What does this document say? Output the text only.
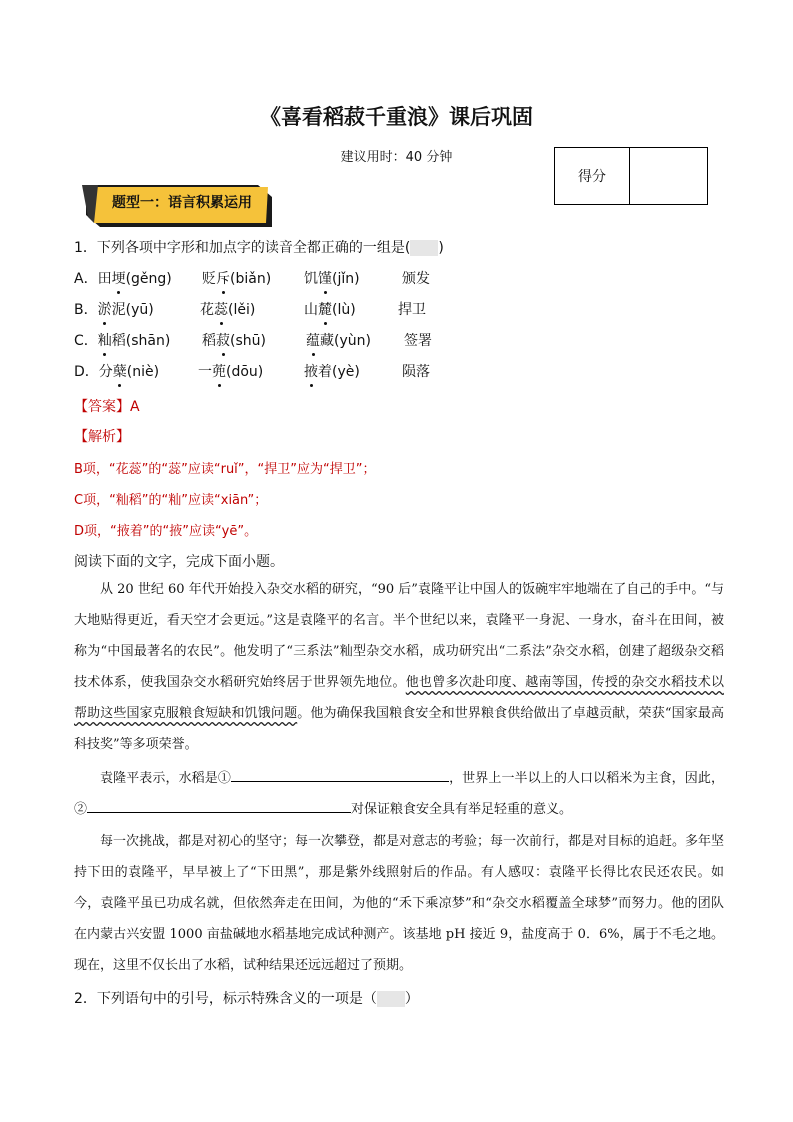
《喜看稻菽千重浪》课后巩固
建议用时：40 分钟
得分
题型一：语言积累运用
1．下列各项中字形和加点字的读音全都正确的一组是( )
A．田埂(gěng) 贬斥(biǎn) 饥馑(jǐn)	颁发
B．淤泥(yū)	花蕊(lěi)	山麓(lù)	捍卫
C．籼稻(shān) 稻菽(shū)	蕴藏(yùn) 签署
D．分蘖(niè)	一蔸(dōu)	掖着(yè)	陨落
【答案】A
【解析】
B项，“花蕊”的“蕊”应读“ruǐ”，“捍卫”应为“捍卫”；
C项，“籼稻”的“籼”应读“xiān”；
D项，“掖着”的“掖”应读“yē”。
阅读下面的文字，完成下面小题。
从 20 世纪 60 年代开始投入杂交水稻的研究，“90 后”袁隆平让中国人的饭碗牢牢地端在了自己的手中。“与大地贴得更近，看天空才会更远。”这是袁隆平的名言。半个世纪以来，袁隆平一身泥、一身水，奋斗在田间，被称为“中国最著名的农民”。他发明了“三系法”籼型杂交水稻，成功研究出“二系法”杂交水稻，创建了超级杂交稻技术体系，使我国杂交水稻研究始终居于世界领先地位。他也曾多次赴印度、越南等国，传授的杂交水稻技术以帮助这些国家克服粮食短缺和饥饿问题。他为确保我国粮食安全和世界粮食供给做出了卓越贡献，荣获“国家最高科技奖”等多项荣誉。
袁隆平表示，水稻是①	，世界上一半以上的人口以稻米为主食，因此，②	对保证粮食安全具有举足轻重的意义。
每一次挑战，都是对初心的坚守；每一次攀登，都是对意志的考验；每一次前行，都是对目标的追赶。多年坚持下田的袁隆平，早早被上了“下田黑”，那是紫外线照射后的作品。有人感叹：袁隆平长得比农民还农民。如今，袁隆平虽已功成名就，但依然奔走在田间，为他的“禾下乘凉梦”和“杂交水稻覆盖全球梦”而努力。他的团队在内蒙古兴安盟 1000 亩盐碱地水稻基地完成试种测产。该基地 pH 接近 9，盐度高于 0．6%，属于不毛之地。现在，这里不仅长出了水稻，试种结果还远远超过了预期。
2．下列语句中的引号，标示特殊含义的一项是（ ）
